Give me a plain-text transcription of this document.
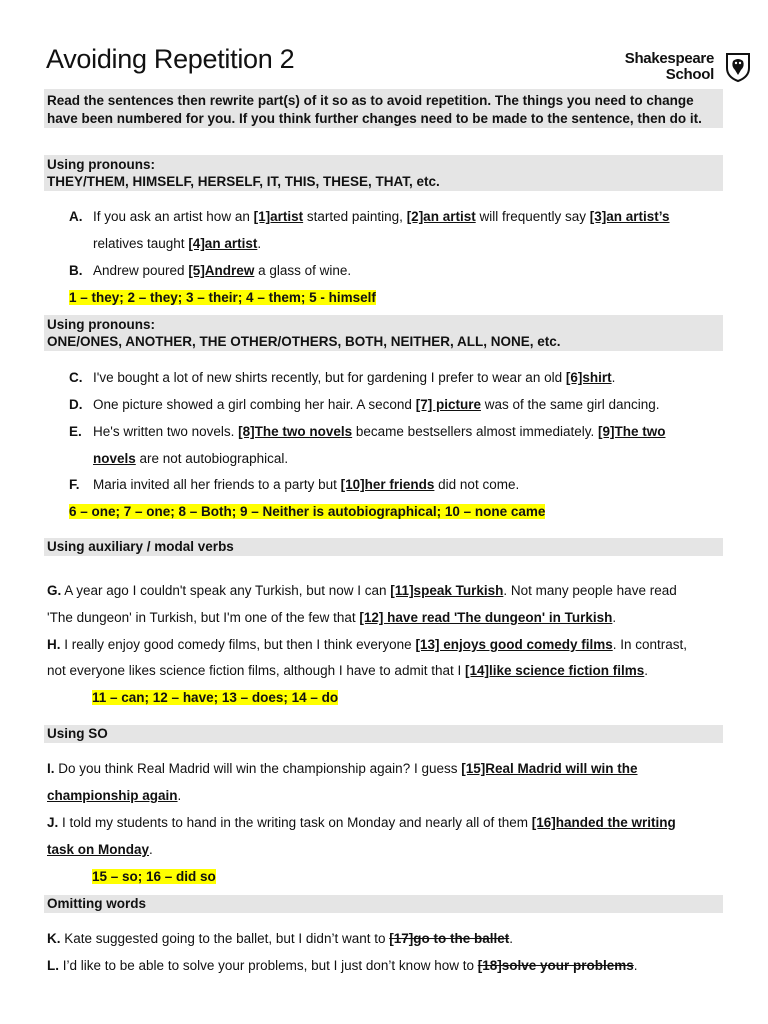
Avoiding Repetition 2	Shakespeare
School
Read the sentences then rewrite part(s) of it so as to avoid repetition. The things you need to change have been numbered for you. If you think further changes need to be made to the sentence, then do it.
Using pronouns:
THEY/THEM, HIMSELF, HERSELF, IT, THIS, THESE, THAT, etc.
A. If you ask an artist how an [1]artist started painting, [2]an artist will frequently say [3]an artist’s
relatives taught [4]an artist.
B. Andrew poured [5]Andrew a glass of wine.
1 – they; 2 – they; 3 – their; 4 – them; 5 - himself
Using pronouns:
ONE/ONES, ANOTHER, THE OTHER/OTHERS, BOTH, NEITHER, ALL, NONE, etc.
C. I've bought a lot of new shirts recently, but for gardening I prefer to wear an old [6]shirt.
D. One picture showed a girl combing her hair. A second [7] picture was of the same girl dancing.
E. He's written two novels. [8]The two novels became bestsellers almost immediately. [9]The two
novels are not autobiographical.
F. Maria invited all her friends to a party but [10]her friends did not come.
6 – one; 7 – one; 8 – Both; 9 – Neither is autobiographical; 10 – none came
Using auxiliary / modal verbs
G. A year ago I couldn't speak any Turkish, but now I can [11]speak Turkish. Not many people have read
'The dungeon' in Turkish, but I'm one of the few that [12] have read 'The dungeon' in Turkish.
H. I really enjoy good comedy films, but then I think everyone [13] enjoys good comedy films. In contrast,
not everyone likes science fiction films, although I have to admit that I [14]like science fiction films.
11 – can; 12 – have; 13 – does; 14 – do
Using SO
I. Do you think Real Madrid will win the championship again? I guess [15]Real Madrid will win the
championship again.
J. I told my students to hand in the writing task on Monday and nearly all of them [16]handed the writing
task on Monday.
15 – so; 16 – did so
Omitting words
K. Kate suggested going to the ballet, but I didn’t want to [17]go to the ballet.
L. I’d like to be able to solve your problems, but I just don’t know how to [18]solve your problems.
